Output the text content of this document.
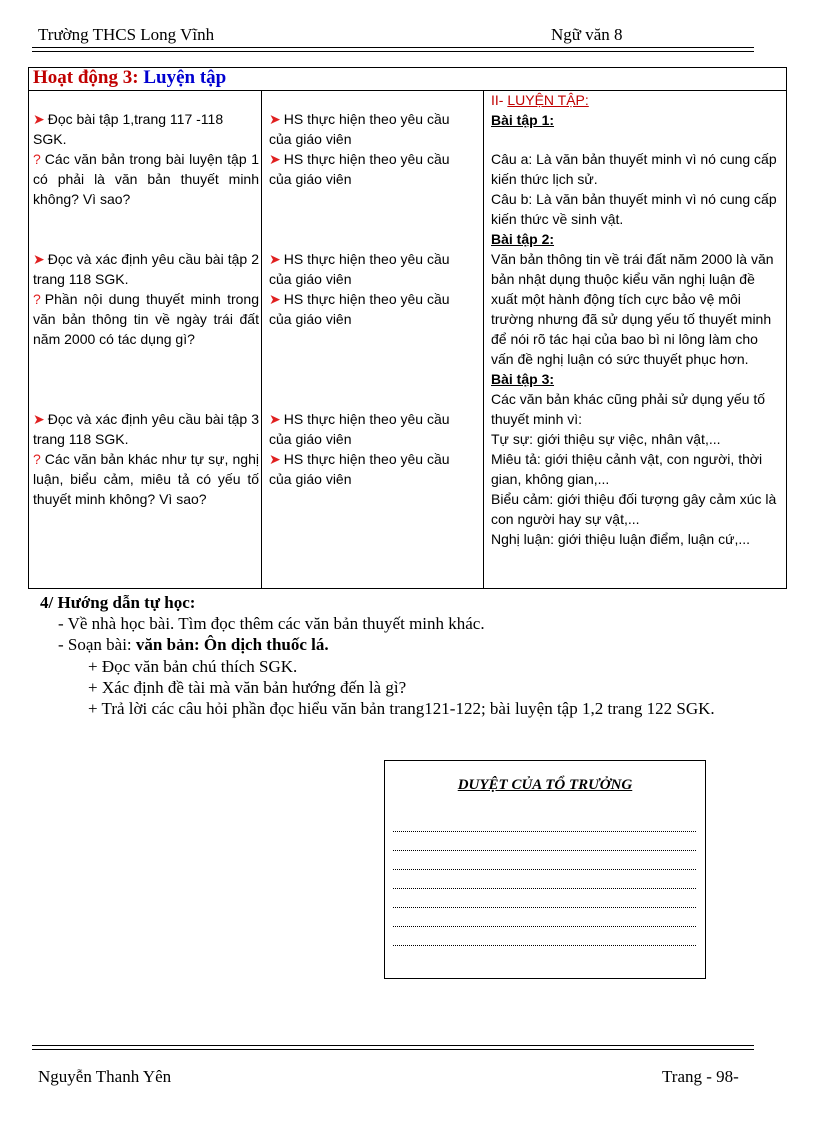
Trường THCS Long Vĩnh	Ngữ văn 8
Hoạt động 3: Luyện tập
➤ Đọc bài tập 1,trang 117 -118
SGK.
? Các văn bản trong bài luyện tập 1 có phải là văn bản thuyết minh không? Vì sao?
➤ Đọc và xác định yêu cầu bài tập 2 trang 118 SGK.
? Phần nội dung thuyết minh trong văn bản thông tin về ngày trái đất năm 2000 có tác dụng gì?
➤ Đọc và xác định yêu cầu bài tập 3 trang 118 SGK.
? Các văn bản khác như tự sự, nghị luận, biểu cảm, miêu tả có yếu tố thuyết minh không? Vì sao?
➤ HS thực hiện theo yêu cầu của giáo viên
➤ HS thực hiện theo yêu cầu của giáo viên
➤ HS thực hiện theo yêu cầu của giáo viên
➤ HS thực hiện theo yêu cầu của giáo viên
➤ HS thực hiện theo yêu cầu của giáo viên
➤ HS thực hiện theo yêu cầu của giáo viên
II- LUYỆN TẬP:
Bài tập 1:
Câu a: Là văn bản thuyết minh vì nó cung cấp kiến thức lịch sử.
Câu b: Là văn bản thuyết minh vì nó cung cấp kiến thức về sinh vật.
Bài tập 2:
Văn bản thông tin về trái đất năm 2000 là văn bản nhật dụng thuộc kiểu văn nghị luận đề xuất một hành động tích cực bảo vệ môi trường nhưng đã sử dụng yếu tố thuyết minh để nói rõ tác hại của bao bì ni lông làm cho vấn đề nghị luận có sức thuyết phục hơn.
Bài tập 3:
Các văn bản khác cũng phải sử dụng yếu tố thuyết minh vì:
Tự sự: giới thiệu sự việc, nhân vật,...
Miêu tả: giới thiệu cảnh vật, con người, thời gian, không gian,...
Biểu cảm: giới thiệu đối tượng gây cảm xúc là con người hay sự vật,...
Nghị luận: giới thiệu luận điểm, luận cứ,...
4/ Hướng dẫn tự học:
- Về nhà học bài. Tìm đọc thêm các văn bản thuyết minh khác.
- Soạn bài: văn bản: Ôn dịch thuốc lá.
+ Đọc văn bản chú thích SGK.
+ Xác định đề tài mà văn bản hướng đến là gì?
+ Trả lời các câu hỏi phần đọc hiểu văn bản trang121-122; bài luyện tập 1,2 trang 122 SGK.
DUYỆT CỦA TỔ TRƯỞNG
Nguyễn Thanh Yên	Trang - 98-
